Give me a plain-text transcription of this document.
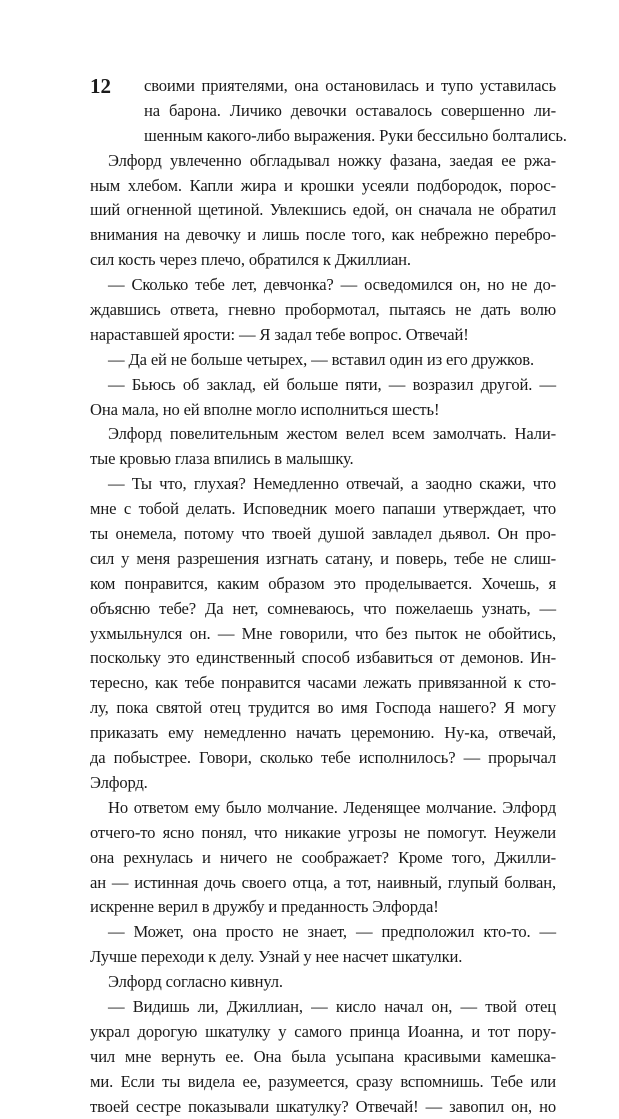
12	своими приятелями, она остановилась и тупо уставилась
на барона. Личико девочки оставалось совершенно ли-
шенным какого-либо выражения. Руки бессильно болтались.
Элфорд увлеченно обгладывал ножку фазана, заедая ее ржа-
ным хлебом. Капли жира и крошки усеяли подбородок, порос-
ший огненной щетиной. Увлекшись едой, он сначала не обратил
внимания на девочку и лишь после того, как небрежно перебро-
сил кость через плечо, обратился к Джиллиан.
— Сколько тебе лет, девчонка? — осведомился он, но не до-
ждавшись ответа, гневно пробормотал, пытаясь не дать волю
нараставшей ярости: — Я задал тебе вопрос. Отвечай!
— Да ей не больше четырех, — вставил один из его дружков.
— Бьюсь об заклад, ей больше пяти, — возразил другой. —
Она мала, но ей вполне могло исполниться шесть!
Элфорд повелительным жестом велел всем замолчать. Нали-
тые кровью глаза впились в малышку.
— Ты что, глухая? Немедленно отвечай, а заодно скажи, что
мне с тобой делать. Исповедник моего папаши утверждает, что
ты онемела, потому что твоей душой завладел дьявол. Он про-
сил у меня разрешения изгнать сатану, и поверь, тебе не слиш-
ком понравится, каким образом это проделывается. Хочешь, я
объясню тебе? Да нет, сомневаюсь, что пожелаешь узнать, —
ухмыльнулся он. — Мне говорили, что без пыток не обойтись,
поскольку это единственный способ избавиться от демонов. Ин-
тересно, как тебе понравится часами лежать привязанной к сто-
лу, пока святой отец трудится во имя Господа нашего? Я могу
приказать ему немедленно начать церемонию. Ну-ка, отвечай,
да побыстрее. Говори, сколько тебе исполнилось? — прорычал
Элфорд.
Но ответом ему было молчание. Леденящее молчание. Элфорд
отчего-то ясно понял, что никакие угрозы не помогут. Неужели
она рехнулась и ничего не соображает? Кроме того, Джилли-
ан — истинная дочь своего отца, а тот, наивный, глупый болван,
искренне верил в дружбу и преданность Элфорда!
— Может, она просто не знает, — предположил кто-то. —
Лучше переходи к делу. Узнай у нее насчет шкатулки.
Элфорд согласно кивнул.
— Видишь ли, Джиллиан, — кисло начал он, — твой отец
украл дорогую шкатулку у самого принца Иоанна, и тот пору-
чил мне вернуть ее. Она была усыпана красивыми камешка-
ми. Если ты видела ее, разумеется, сразу вспомнишь. Тебе или
твоей сестре показывали шкатулку? Отвечай! — завопил он, но
